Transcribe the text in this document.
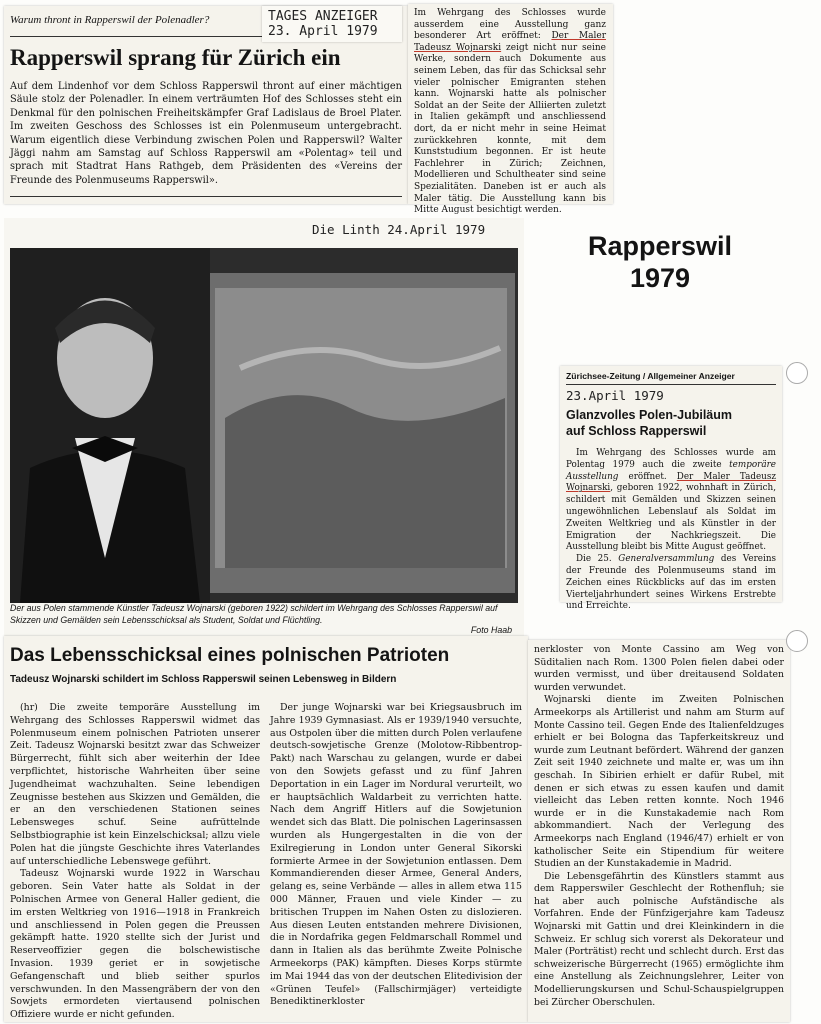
Warum thront in Rapperswil der Polenadler?
Rapperswil sprang für Zürich ein

Auf dem Lindenhof vor dem Schloss Rapperswil thront auf einer mächtigen Säule stolz der Polenadler. In einem verträumten Hof des Schlosses steht ein Denkmal für den polnischen Freiheitskämpfer Graf Ladislaus de Broel Plater. Im zweiten Geschoss des Schlosses ist ein Polenmuseum untergebracht. Warum eigentlich diese Verbindung zwischen Polen und Rapperswil? Walter Jäggi nahm am Samstag auf Schloss Rapperswil am «Polentag» teil und sprach mit Stadtrat Hans Rathgeb, dem Präsidenten des «Vereins der Freunde des Polenmuseums Rapperswil».

TAGES ANZEIGER
23. April 1979

Im Wehrgang des Schlosses wurde ausserdem eine Ausstellung ganz besonderer Art eröffnet: Der Maler Tadeusz Wojnarski zeigt nicht nur seine Werke, sondern auch Dokumente aus seinem Leben, das für das Schicksal sehr vieler polnischer Emigranten stehen kann. Wojnarski hatte als polnischer Soldat an der Seite der Alliierten zuletzt in Italien gekämpft und anschliessend dort, da er nicht mehr in seine Heimat zurückkehren konnte, mit dem Kunststudium begonnen. Er ist heute Fachlehrer in Zürich; Zeichnen, Modellieren und Schultheater sind seine Spezialitäten. Daneben ist er auch als Maler tätig. Die Ausstellung kann bis Mitte August besichtigt werden.

Die Linth 24.April 1979

Der aus Polen stammende Künstler Tadeusz Wojnarski (geboren 1922) schildert im Wehrgang des Schlosses Rapperswil auf Skizzen und Gemälden sein Lebensschicksal als Student, Soldat und Flüchtling.

Foto Haab
Das Lebensschicksal eines polnischen Patrioten
Tadeusz Wojnarski schildert im Schloss Rapperswil seinen Lebensweg in Bildern

(hr) Die zweite temporäre Ausstellung im Wehrgang des Schlosses Rapperswil widmet das Polenmuseum einem polnischen Patrioten unserer Zeit. Tadeusz Wojnarski besitzt zwar das Schweizer Bürgerrecht, fühlt sich aber weiterhin der Idee verpflichtet, historische Wahrheiten über seine Jugendheimat wachzuhalten. Seine lebendigen Zeugnisse bestehen aus Skizzen und Gemälden, die er an den verschiedenen Stationen seines Lebensweges schuf. Seine aufrüttelnde Selbstbiographie ist kein Einzelschicksal; allzu viele Polen hat die jüngste Geschichte ihres Vaterlandes auf unterschiedliche Lebenswege geführt.

Tadeusz Wojnarski wurde 1922 in Warschau geboren. Sein Vater hatte als Soldat in der Polnischen Armee von General Haller gedient, die im ersten Weltkrieg von 1916—1918 in Frankreich und anschliessend in Polen gegen die Preussen gekämpft hatte. 1920 stellte sich der Jurist und Reserveoffizier gegen die bolschewistische Invasion. 1939 geriet er in sowjetische Gefangenschaft und blieb seither spurlos verschwunden. In den Massengräbern der von den Sowjets ermordeten viertausend polnischen Offiziere wurde er nicht gefunden.

Der junge Wojnarski war bei Kriegsausbruch im Jahre 1939 Gymnasiast. Als er 1939/1940 versuchte, aus Ostpolen über die mitten durch Polen verlaufene deutsch-sowjetische Grenze (Molotow-Ribbentrop-Pakt) nach Warschau zu gelangen, wurde er dabei von den Sowjets gefasst und zu fünf Jahren Deportation in ein Lager im Nordural verurteilt, wo er hauptsächlich Waldarbeit zu verrichten hatte. Nach dem Angriff Hitlers auf die Sowjetunion wendet sich das Blatt. Die polnischen Lagerinsassen wurden als Hungergestalten in die von der Exilregierung in London unter General Sikorski formierte Armee in der Sowjetunion entlassen. Dem Kommandierenden dieser Armee, General Anders, gelang es, seine Verbände — alles in allem etwa 115 000 Männer, Frauen und viele Kinder — zu britischen Truppen im Nahen Osten zu dislozieren. Aus diesen Leuten entstanden mehrere Divisionen, die in Nordafrika gegen Feldmarschall Rommel und dann in Italien als das berühmte Zweite Polnische Armeekorps (PAK) kämpften. Dieses Korps stürmte im Mai 1944 das von der deutschen Elitedivision der «Grünen Teufel» (Fallschirmjäger) verteidigte Benediktinerkloster

nerkloster von Monte Cassino am Weg von Süditalien nach Rom. 1300 Polen fielen dabei oder wurden vermisst, und über dreitausend Soldaten wurden verwundet.

Wojnarski diente im Zweiten Polnischen Armeekorps als Artillerist und nahm am Sturm auf Monte Cassino teil. Gegen Ende des Italienfeldzuges erhielt er bei Bologna das Tapferkeitskreuz und wurde zum Leutnant befördert. Während der ganzen Zeit seit 1940 zeichnete und malte er, was um ihn geschah. In Sibirien erhielt er dafür Rubel, mit denen er sich etwas zu essen kaufen und damit vielleicht das Leben retten konnte. Noch 1946 wurde er in die Kunstakademie nach Rom abkommandiert. Nach der Verlegung des Armeekorps nach England (1946/47) erhielt er von katholischer Seite ein Stipendium für weitere Studien an der Kunstakademie in Madrid.

Die Lebensgefährtin des Künstlers stammt aus dem Rapperswiler Geschlecht der Rothenfluh; sie hat aber auch polnische Aufständische als Vorfahren. Ende der Fünfzigerjahre kam Tadeusz Wojnarski mit Gattin und drei Kleinkindern in die Schweiz. Er schlug sich vorerst als Dekorateur und Maler (Porträtist) recht und schlecht durch. Erst das schweizerische Bürgerrecht (1965) ermöglichte ihm eine Anstellung als Zeichnungslehrer, Leiter von Modellierungskursen und Schul-Schauspielgruppen bei Zürcher Oberschulen.

Rapperswil
1979
Zürichsee-Zeitung / Allgemeiner Anzeiger
23.April 1979
Glanzvolles Polen-Jubiläum
auf Schloss Rapperswil

Im Wehrgang des Schlosses wurde am Polentag 1979 auch die zweite temporäre Ausstellung eröffnet. Der Maler Tadeusz Wojnarski, geboren 1922, wohnhaft in Zürich, schildert mit Gemälden und Skizzen seinen ungewöhnlichen Lebenslauf als Soldat im Zweiten Weltkrieg und als Künstler in der Emigration der Nachkriegszeit. Die Ausstellung bleibt bis Mitte August geöffnet.

Die 25. Generalversammlung des Vereins der Freunde des Polenmuseums stand im Zeichen eines Rückblicks auf das im ersten Vierteljahrhundert seines Wirkens Erstrebte und Erreichte.
